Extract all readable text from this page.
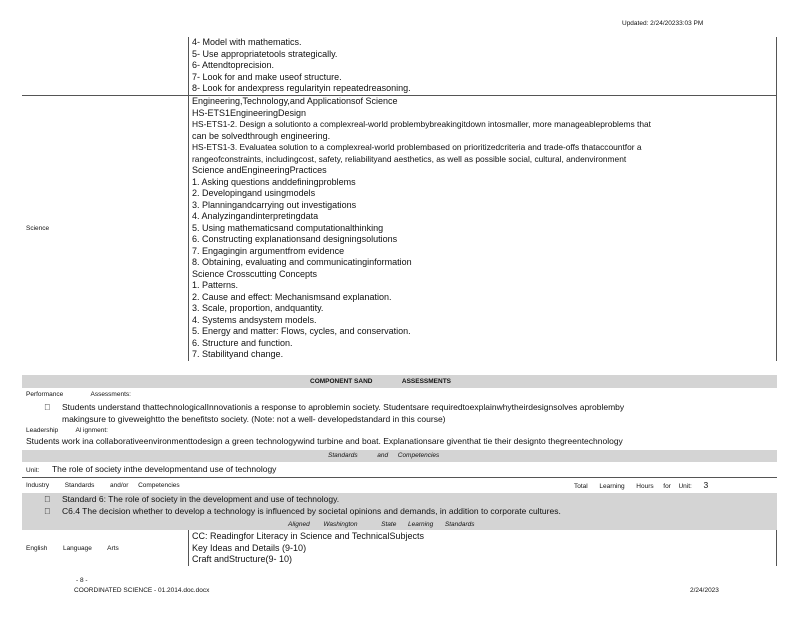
Updated: 2/24/20233:03 PM
4- Model with mathematics.
5- Use appropriatetools strategically.
6- Attendtoprecision.
7- Look for and make useof structure.
8- Look for andexpress regularityin repeatedreasoning.
Science
Engineering,Technology,and Applicationsof Science
HS-ETS1EngineeringDesign
HS-ETS1-2. Design a solutionto a complexreal-world problembybreakingitdown intosmaller, more manageableproblems that
can be solvedthrough engineering.
HS-ETS1-3. Evaluatea solution to a complexreal-world problembased on prioritizedcriteria and trade-offs thataccountfor a
rangeofconstraints, includingcost, safety, reliabilityand aesthetics, as well as possible social, cultural, andenvironment
Science andEngineeringPractices
1. Asking questions anddefiningproblems
2. Developingand usingmodels
3. Planningandcarrying out investigations
4. Analyzingandinterpretingdata
5. Using mathematicsand computationalthinking
6. Constructing explanationsand designingsolutions
7. Engagingin argumentfrom evidence
8. Obtaining, evaluating and communicatinginformation
Science Crosscutting Concepts
1. Patterns.
2. Cause and effect: Mechanismsand explanation.
3. Scale, proportion, andquantity.
4. Systems andsystem models.
5. Energy and matter: Flows, cycles, and conservation.
6. Structure and function.
7. Stabilityand change.
COMPONENT SAND	ASSESSMENTS
Performance	Assessments:
Students understand thattechnologicalInnovationis a response to aproblemin society. Studentsare requiredtoexplainwhytheirdesignsolves aproblemby
makingsure to giveweightto the benefitsto society. (Note: not a well- developedstandard in this course)
Leadership	Al ignment:
Students work ina collaborativeenvironmenttodesign a green technologywind turbine and boat. Explanationsare giventhat tie their designto thegreentechnology
Standards	and Competencies
Unit: The role of society inthe developmentand use of technology
Industry Standards and/or Competencies	Total Learning Hours for Unit: 3
Standard 6: The role of society in the development and use of technology.
C6.4 The decision whether to develop a technology is influenced by societal opinions and demands, in addition to corporate cultures.
Aligned Washington	State Learning Standards
English Language Arts
CC: Readingfor Literacy in Science and TechnicalSubjects
Key Ideas and Details (9-10)
Craft andStructure(9- 10)
- 8 -
COORDINATED SCIENCE - 01.2014.doc.docx	2/24/2023
